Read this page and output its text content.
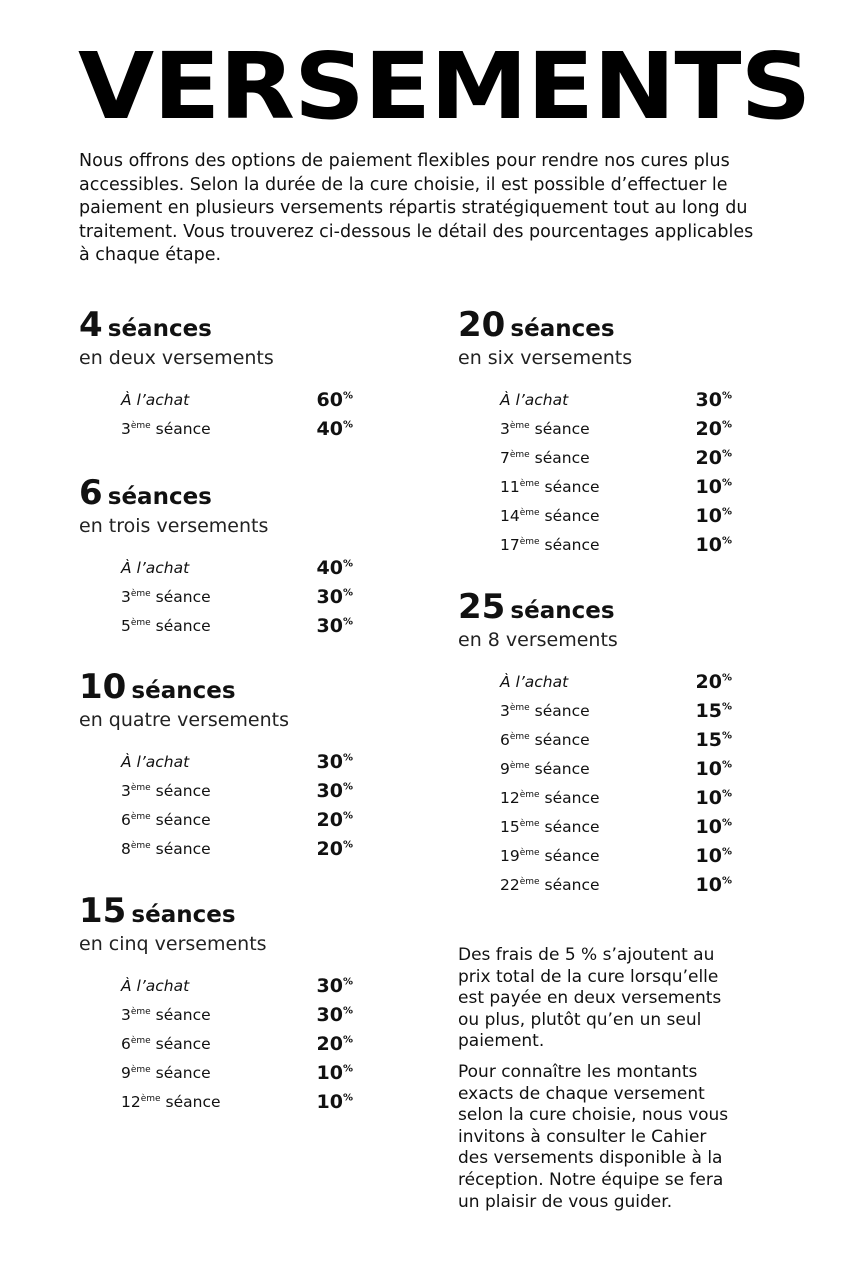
VERSEMENTS

Nous offrons des options de paiement flexibles pour rendre nos cures plus accessibles. Selon la durée de la cure choisie, il est possible d’effectuer le paiement en plusieurs versements répartis stratégiquement tout au long du traitement. Vous trouverez ci-dessous le détail des pourcentages applicables à chaque étape.

4 séances
en deux versements
À l’achat	60%
3ème séance	40%
6 séances
en trois versements
À l’achat	40%
3ème séance	30%
5ème séance	30%
10 séances
en quatre versements
À l’achat	30%
3ème séance	30%
6ème séance	20%
8ème séance	20%
15 séances
en cinq versements
À l’achat	30%
3ème séance	30%
6ème séance	20%
9ème séance	10%
12ème séance	10%
20 séances
en six versements
À l’achat	30%
3ème séance	20%
7ème séance	20%
11ème séance	10%
14ème séance	10%
17ème séance	10%
25 séances
en 8 versements
À l’achat	20%
3ème séance	15%
6ème séance	15%
9ème séance	10%
12ème séance	10%
15ème séance	10%
19ème séance	10%
22ème séance	10%

Des frais de 5 % s’ajoutent au prix total de la cure lorsqu’elle est payée en deux versements ou plus, plutôt qu’en un seul paiement.

Pour connaître les montants exacts de chaque versement selon la cure choisie, nous vous invitons à consulter le Cahier des versements disponible à la réception. Notre équipe se fera un plaisir de vous guider.
